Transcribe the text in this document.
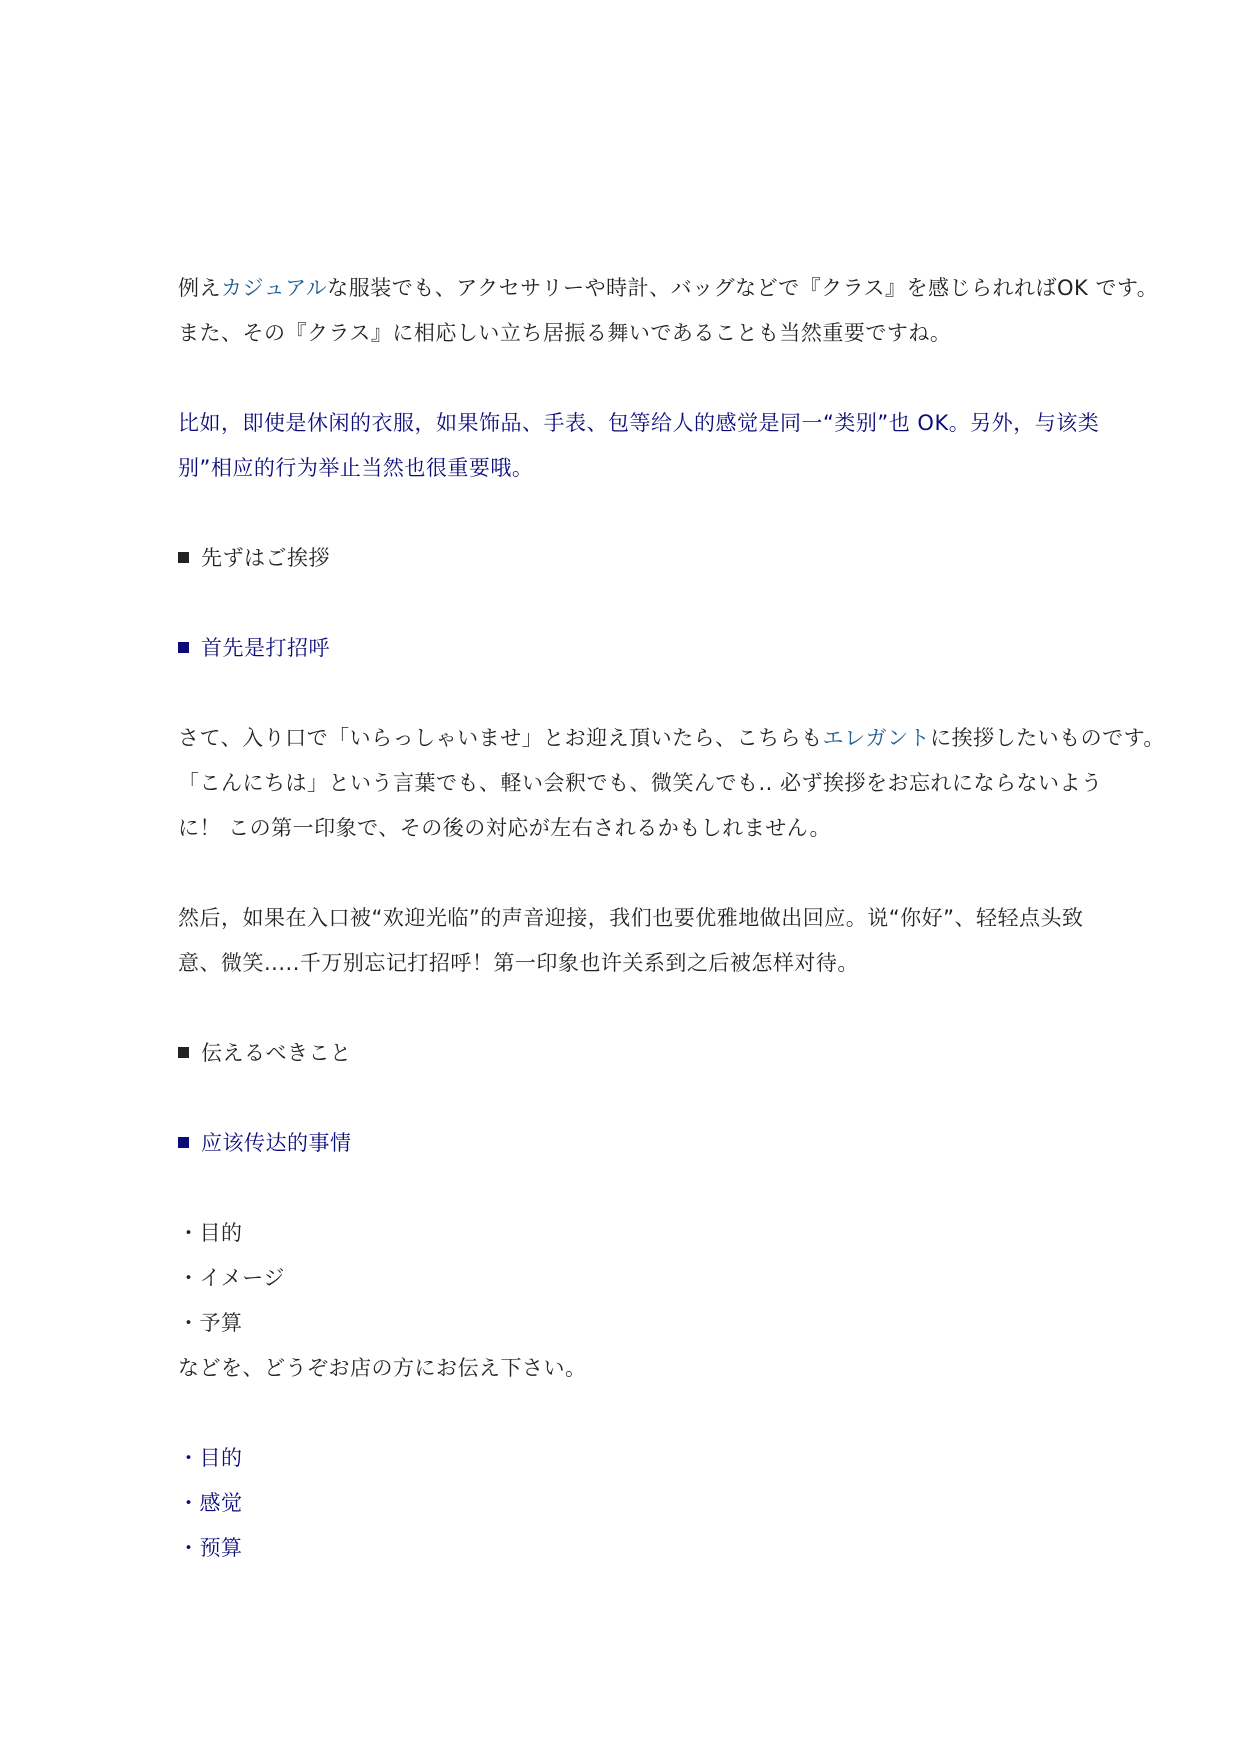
例えカジュアルな服装でも、アクセサリーや時計、バッグなどで『クラス』を感じられればOK です。
また、その『クラス』に相応しい立ち居振る舞いであることも当然重要ですね。
比如，即使是休闲的衣服，如果饰品、手表、包等给人的感觉是同一“类别”也 OK。另外，与该类
别”相应的行为举止当然也很重要哦。
先ずはご挨拶
首先是打招呼
さて、入り口で「いらっしゃいませ」とお迎え頂いたら、こちらもエレガントに挨拶したいものです。
「こんにちは」という言葉でも、軽い会釈でも、微笑んでも.. 必ず挨拶をお忘れにならないよう
に！ この第一印象で、その後の対応が左右されるかもしれません。
然后，如果在入口被“欢迎光临”的声音迎接，我们也要优雅地做出回应。说“你好”、轻轻点头致
意、微笑.....千万别忘记打招呼！第一印象也许关系到之后被怎样对待。
伝えるべきこと
应该传达的事情
・目的
・イメージ
・予算
などを、どうぞお店の方にお伝え下さい。
・目的
・感觉
・预算
